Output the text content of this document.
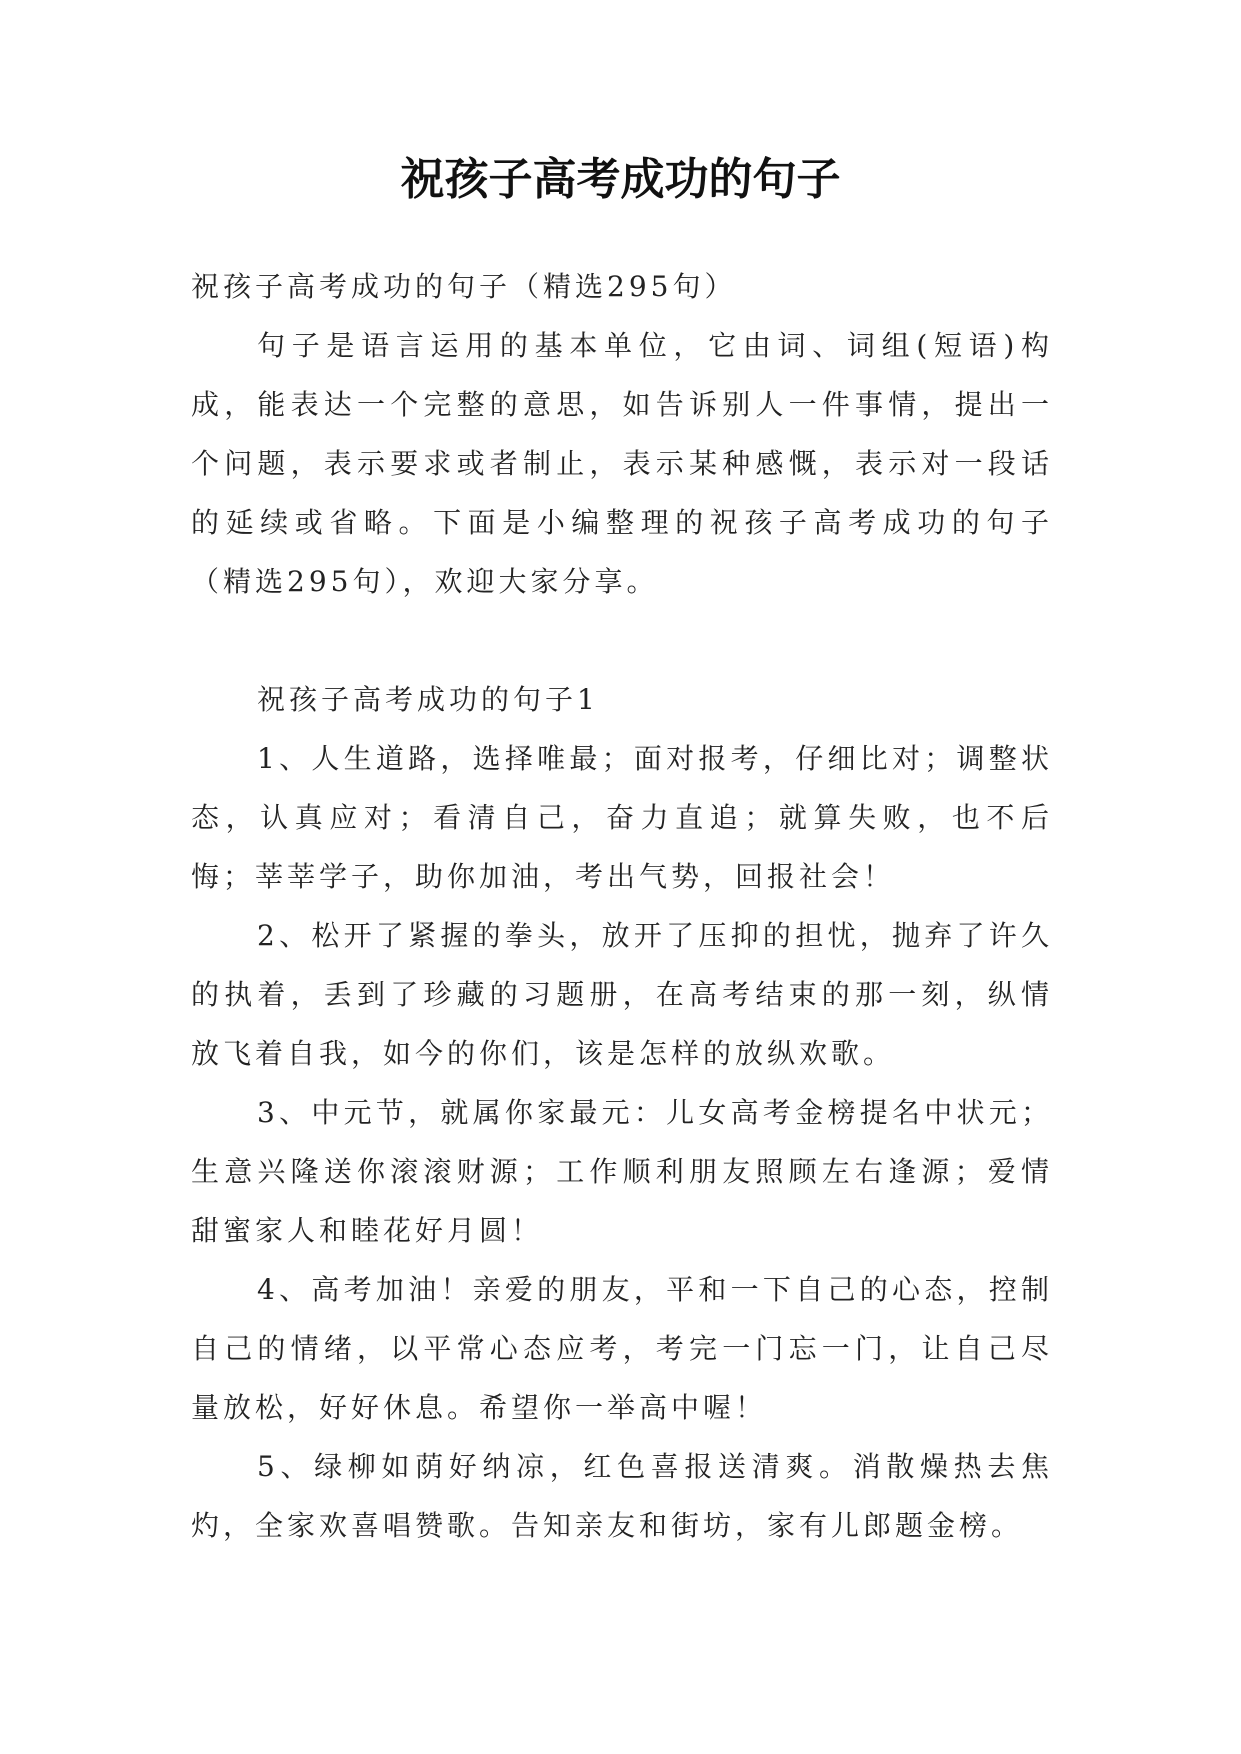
祝孩子高考成功的句子

祝孩子高考成功的句子（精选295句）

句子是语言运用的基本单位，它由词、词组(短语)构成，能表达一个完整的意思，如告诉别人一件事情，提出一个问题，表示要求或者制止，表示某种感慨，表示对一段话的延续或省略。下面是小编整理的祝孩子高考成功的句子（精选295句），欢迎大家分享。

祝孩子高考成功的句子1

1、人生道路，选择唯最；面对报考，仔细比对；调整状态，认真应对；看清自己，奋力直追；就算失败，也不后悔；莘莘学子，助你加油，考出气势，回报社会！

2、松开了紧握的拳头，放开了压抑的担忧，抛弃了许久的执着，丢到了珍藏的习题册，在高考结束的那一刻，纵情放飞着自我，如今的你们，该是怎样的放纵欢歌。

3、中元节，就属你家最元：儿女高考金榜提名中状元；生意兴隆送你滚滚财源；工作顺利朋友照顾左右逢源；爱情甜蜜家人和睦花好月圆！

4、高考加油！亲爱的朋友，平和一下自己的心态，控制自己的情绪，以平常心态应考，考完一门忘一门，让自己尽量放松，好好休息。希望你一举高中喔！

5、绿柳如荫好纳凉，红色喜报送清爽。消散燥热去焦灼，全家欢喜唱赞歌。告知亲友和街坊，家有儿郎题金榜。
